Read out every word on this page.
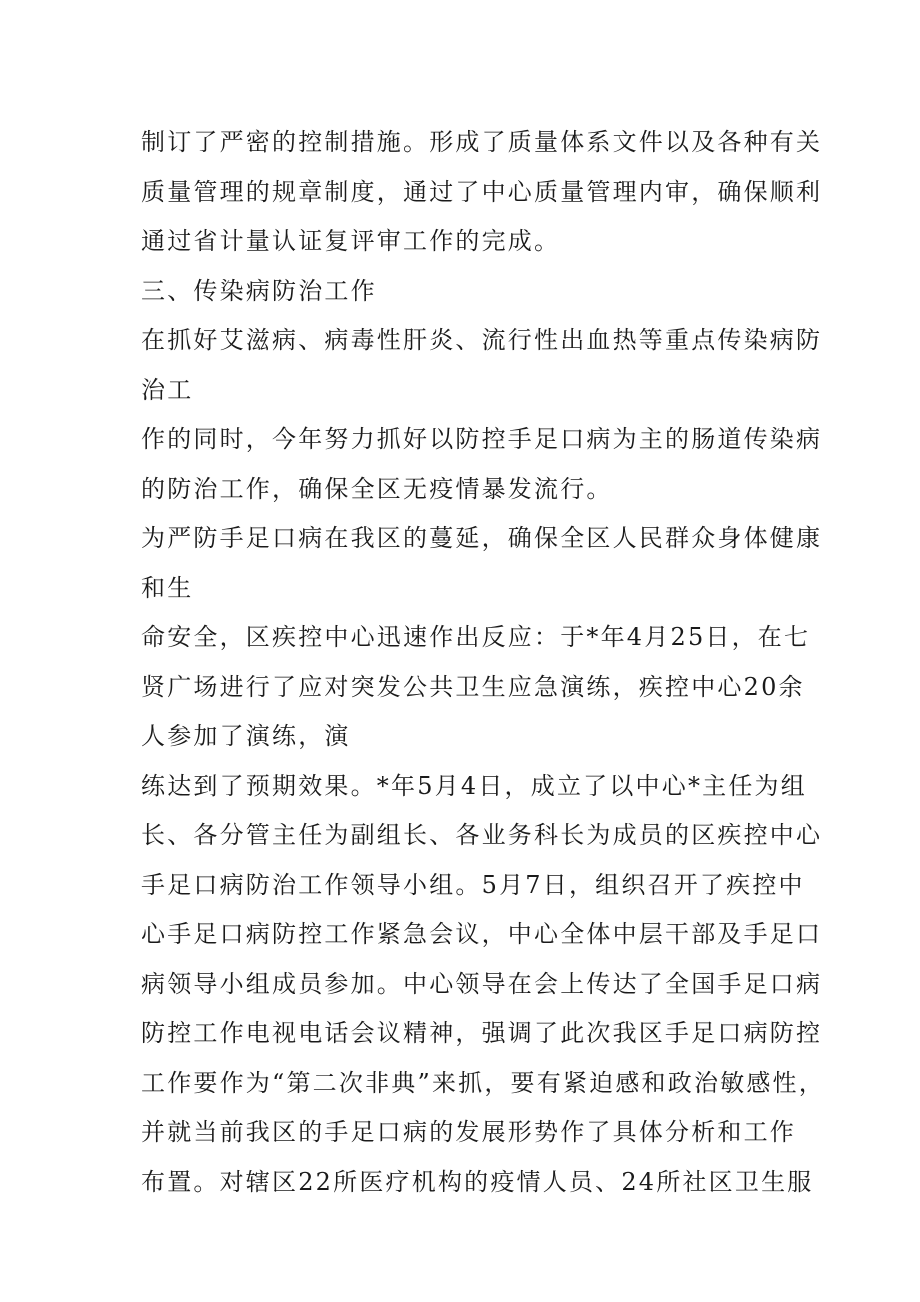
制订了严密的控制措施。形成了质量体系文件以及各种有关
质量管理的规章制度，通过了中心质量管理内审，确保顺利
通过省计量认证复评审工作的完成。
三、传染病防治工作
在抓好艾滋病、病毒性肝炎、流行性出血热等重点传染病防
治工
作的同时，今年努力抓好以防控手足口病为主的肠道传染病
的防治工作，确保全区无疫情暴发流行。
为严防手足口病在我区的蔓延，确保全区人民群众身体健康
和生
命安全，区疾控中心迅速作出反应：于*年4月25日，在七
贤广场进行了应对突发公共卫生应急演练，疾控中心20余
人参加了演练，演
练达到了预期效果。*年5月4日，成立了以中心*主任为组
长、各分管主任为副组长、各业务科长为成员的区疾控中心
手足口病防治工作领导小组。5月7日，组织召开了疾控中
心手足口病防控工作紧急会议，中心全体中层干部及手足口
病领导小组成员参加。中心领导在会上传达了全国手足口病
防控工作电视电话会议精神，强调了此次我区手足口病防控
工作要作为“第二次非典”来抓，要有紧迫感和政治敏感性，
并就当前我区的手足口病的发展形势作了具体分析和工作
布置。对辖区22所医疗机构的疫情人员、24所社区卫生服
